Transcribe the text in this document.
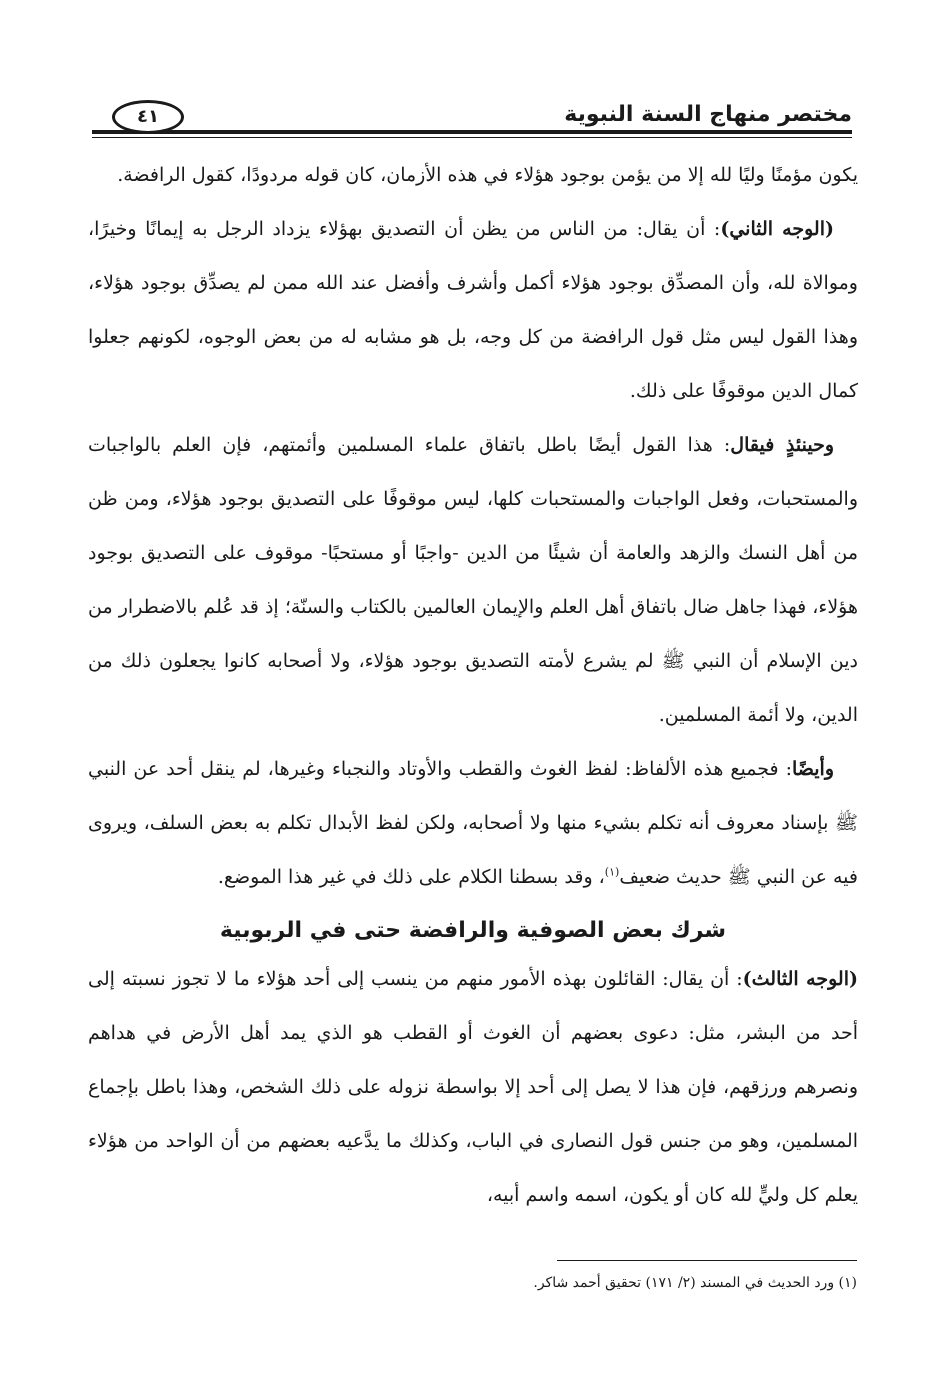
مختصر منهاج السنة النبوية
٤١

يكون مؤمنًا وليًا لله إلا من يؤمن بوجود هؤلاء في هذه الأزمان، كان قوله مردودًا، كقول الرافضة.

(الوجه الثاني): أن يقال: من الناس من يظن أن التصديق بهؤلاء يزداد الرجل به إيمانًا وخيرًا، وموالاة لله، وأن المصدِّق بوجود هؤلاء أكمل وأشرف وأفضل عند الله ممن لم يصدِّق بوجود هؤلاء، وهذا القول ليس مثل قول الرافضة من كل وجه، بل هو مشابه له من بعض الوجوه، لكونهم جعلوا كمال الدين موقوفًا على ذلك.

وحينئذٍ فيقال: هذا القول أيضًا باطل باتفاق علماء المسلمين وأئمتهم، فإن العلم بالواجبات والمستحبات، وفعل الواجبات والمستحبات كلها، ليس موقوفًا على التصديق بوجود هؤلاء، ومن ظن من أهل النسك والزهد والعامة أن شيئًا من الدين -واجبًا أو مستحبًا- موقوف على التصديق بوجود هؤلاء، فهذا جاهل ضال باتفاق أهل العلم والإيمان العالمين بالكتاب والسنّة؛ إذ قد عُلم بالاضطرار من دين الإسلام أن النبي ﷺ لم يشرع لأمته التصديق بوجود هؤلاء، ولا أصحابه كانوا يجعلون ذلك من الدين، ولا أئمة المسلمين.

وأيضًا: فجميع هذه الألفاظ: لفظ الغوث والقطب والأوتاد والنجباء وغيرها، لم ينقل أحد عن النبي ﷺ بإسناد معروف أنه تكلم بشيء منها ولا أصحابه، ولكن لفظ الأبدال تكلم به بعض السلف، ويروى فيه عن النبي ﷺ حديث ضعيف$^{(١)}$، وقد بسطنا الكلام على ذلك في غير هذا الموضع.

شرك بعض الصوفية والرافضة حتى في الربوبية

(الوجه الثالث): أن يقال: القائلون بهذه الأمور منهم من ينسب إلى أحد هؤلاء ما لا تجوز نسبته إلى أحد من البشر، مثل: دعوى بعضهم أن الغوث أو القطب هو الذي يمد أهل الأرض في هداهم ونصرهم ورزقهم، فإن هذا لا يصل إلى أحد إلا بواسطة نزوله على ذلك الشخص، وهذا باطل بإجماع المسلمين، وهو من جنس قول النصارى في الباب، وكذلك ما يدَّعيه بعضهم من أن الواحد من هؤلاء يعلم كل وليٍّ لله كان أو يكون، اسمه واسم أبيه،

(١) ورد الحديث في المسند (٢/ ١٧١) تحقيق أحمد شاكر.
